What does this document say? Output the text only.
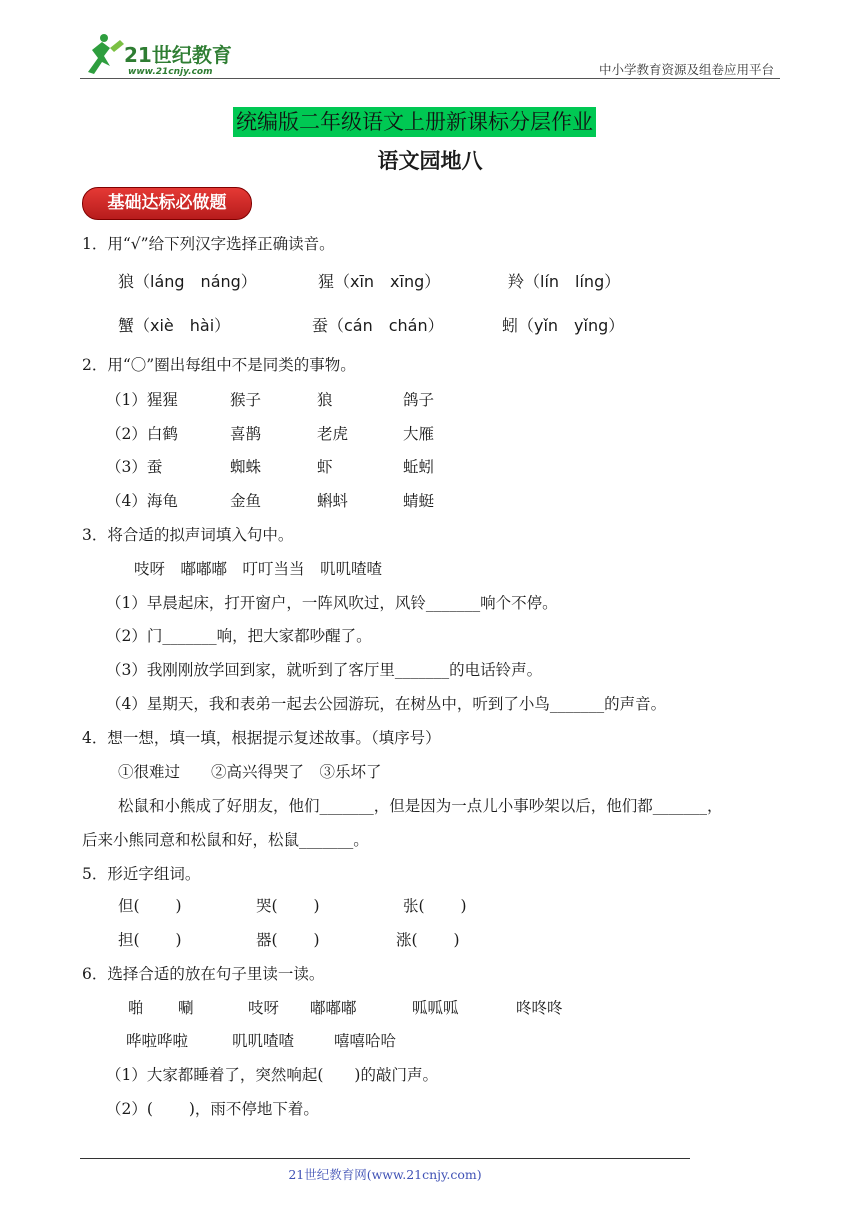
21世纪教育
www.21cnjy.com	中小学教育资源及组卷应用平台
统编版二年级语文上册新课标分层作业
语文园地八
基础达标必做题
1．用“√”给下列汉字选择正确读音。
狼（láng　náng）	猩（xīn　xīng）	羚（lín　líng）
蟹（xiè　hài）	蚕（cán　chán）	蚓（yǐn　yǐng）
2．用“〇”圈出每组中不是同类的事物。
（1）猩猩	猴子	狼	鸽子
（2）白鹤	喜鹊	老虎	大雁
（3）蚕	蜘蛛	虾	蚯蚓
（4）海龟	金鱼	蝌蚪	蜻蜓
3．将合适的拟声词填入句中。
吱呀　嘟嘟嘟　叮叮当当　叽叽喳喳
（1）早晨起床，打开窗户，一阵风吹过，风铃_______响个不停。
（2）门_______响，把大家都吵醒了。
（3）我刚刚放学回到家，就听到了客厅里_______的电话铃声。
（4）星期天，我和表弟一起去公园游玩，在树丛中，听到了小鸟_______的声音。
4．想一想，填一填，根据提示复述故事。（填序号）
①很难过　　②高兴得哭了　③乐坏了
松鼠和小熊成了好朋友，他们_______，但是因为一点儿小事吵架以后，他们都_______，
后来小熊同意和松鼠和好，松鼠_______。
5．形近字组词。
但(　　 )	哭(　　 )	张(　　 )
担(　　 )	器(　　 )	涨(　　 )
6．选择合适的放在句子里读一读。
啪 唰	吱呀 嘟嘟嘟	呱呱呱	咚咚咚
哗啦哗啦	叽叽喳喳	嘻嘻哈哈
（1）大家都睡着了，突然响起(　　)的敲门声。
（2）(　　 )，雨不停地下着。
21世纪教育网(www.21cnjy.com)
